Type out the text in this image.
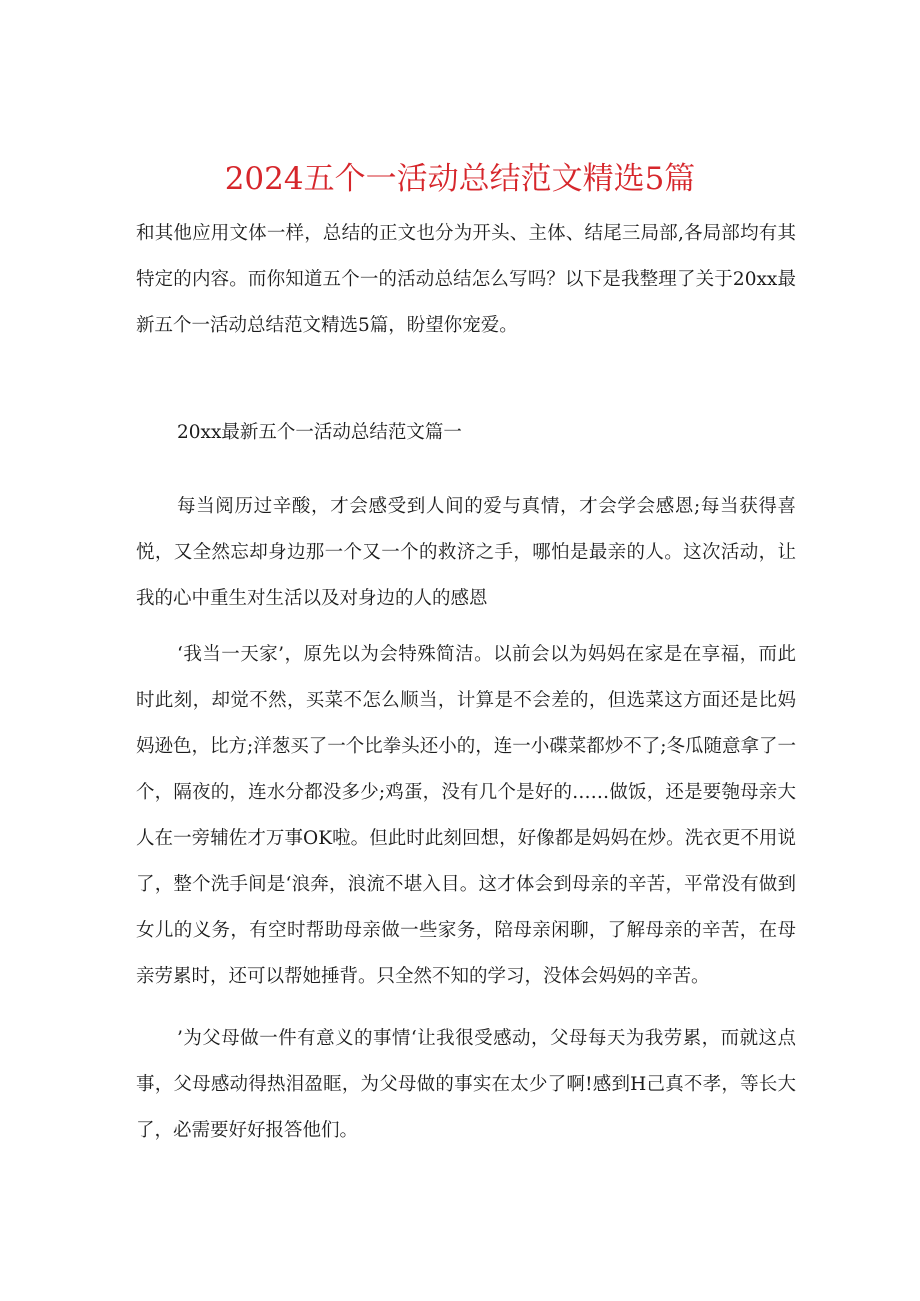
2024五个一活动总结范文精选5篇

和其他应用文体一样，总结的正文也分为开头、主体、结尾三局部,各局部均有其特定的内容。而你知道五个一的活动总结怎么写吗？以下是我整理了关于20xx最新五个一活动总结范文精选5篇，盼望你宠爱。

20xx最新五个一活动总结范文篇一

每当阅历过辛酸，才会感受到人间的爱与真情，才会学会感恩;每当获得喜悦，又全然忘却身边那一个又一个的救济之手，哪怕是最亲的人。这次活动，让我的心中重生对生活以及对身边的人的感恩

‘我当一天家’，原先以为会特殊简洁。以前会以为妈妈在家是在享福，而此时此刻，却觉不然，买菜不怎么顺当，计算是不会差的，但选菜这方面还是比妈妈逊色，比方;洋葱买了一个比拳头还小的，连一小碟菜都炒不了;冬瓜随意拿了一个，隔夜的，连水分都没多少;鸡蛋，没有几个是好的……做饭，还是要匏母亲大人在一旁辅佐才万事OK啦。但此时此刻回想，好像都是妈妈在炒。洗衣更不用说了，整个洗手间是‘浪奔，浪流不堪入目。这才体会到母亲的辛苦，平常没有做到女儿的义务，有空时帮助母亲做一些家务，陪母亲闲聊，了解母亲的辛苦，在母亲劳累时，还可以帮她捶背。只全然不知的学习，没体会妈妈的辛苦。

’为父母做一件有意义的事情‘让我很受感动，父母每天为我劳累，而就这点事，父母感动得热泪盈眶，为父母做的事实在太少了啊!感到H己真不孝，等长大了，必需要好好报答他们。
